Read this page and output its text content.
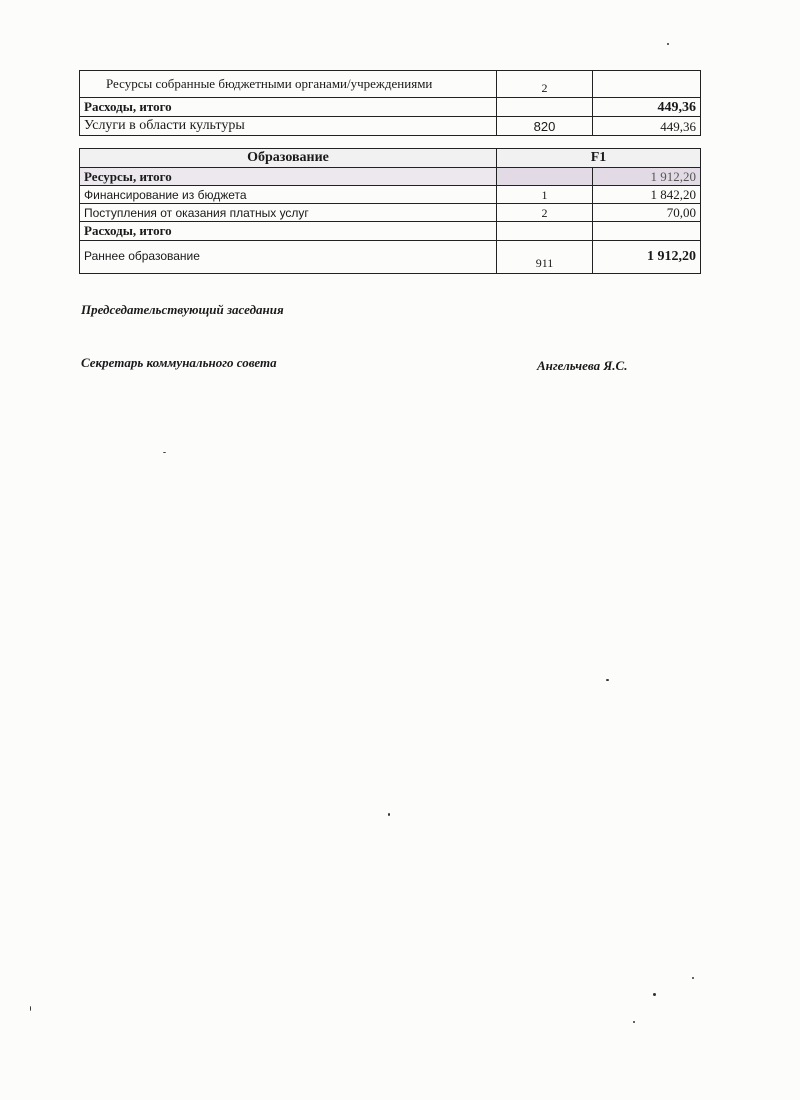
Ресурсы собранные бюджетными органами/учреждениями	2	
Расходы, итого		449,36
Услуги в области культуры	820	449,36
Образование	F1	
Ресурсы, итого		1 912,20
Финансирование из бюджета	1	1 842,20
Поступления от оказания платных услуг	2	70,00
Расходы, итого		
Раннее образование	911	1 912,20
Председательствующий заседания
Секретарь коммунального совета	Ангельчева Я.С.
